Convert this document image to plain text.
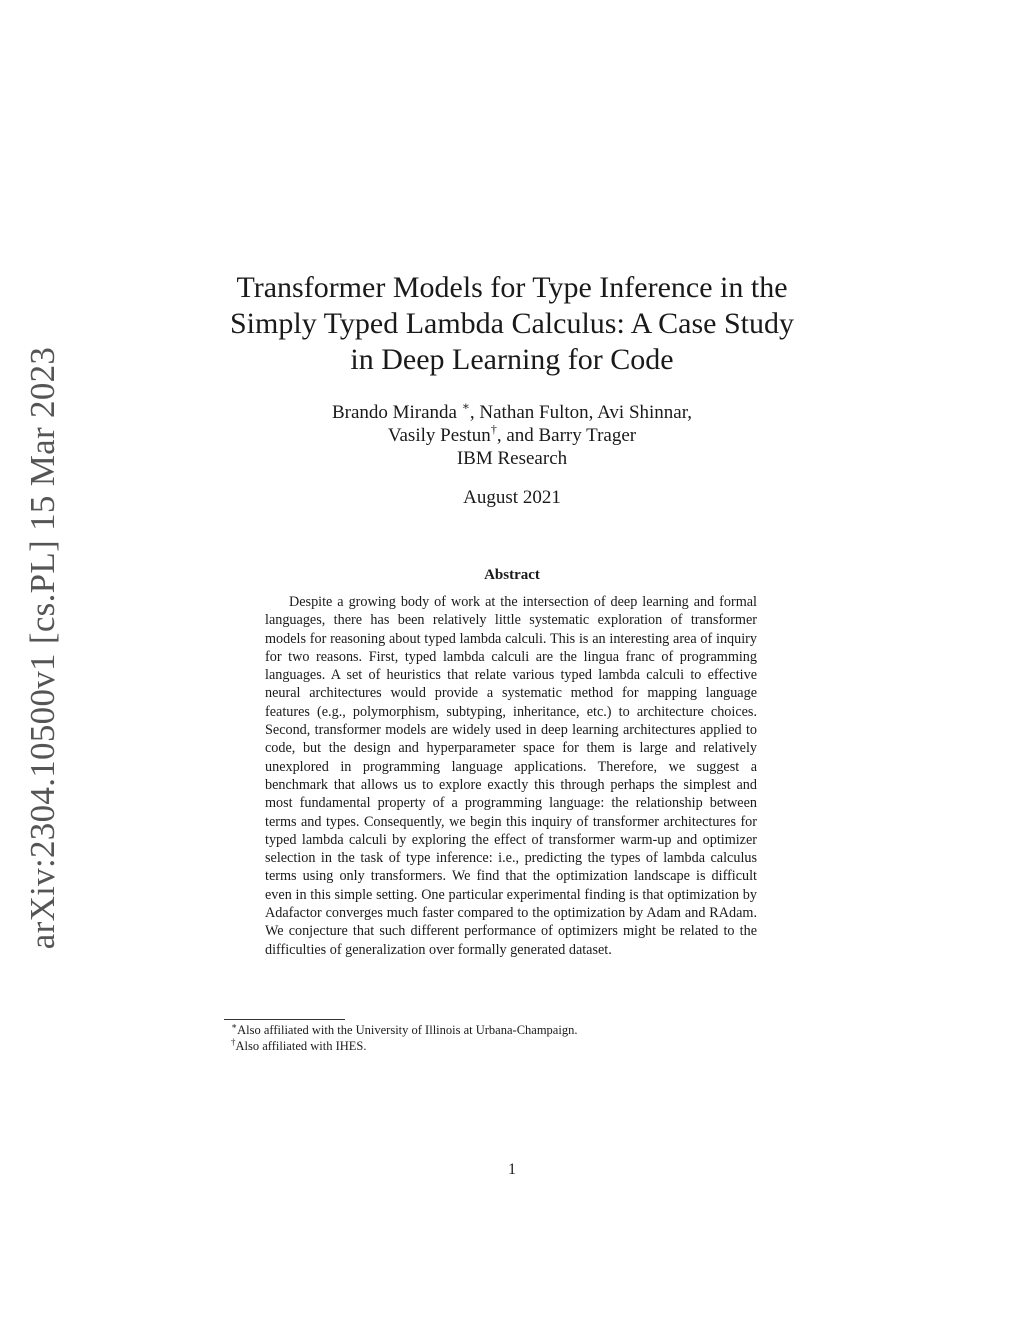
arXiv:2304.10500v1 [cs.PL] 15 Mar 2023
Transformer Models for Type Inference in the
Simply Typed Lambda Calculus: A Case Study
in Deep Learning for Code
Brando Miranda ∗, Nathan Fulton, Avi Shinnar,
Vasily Pestun†, and Barry Trager
IBM Research
August 2021
Abstract

Despite a growing body of work at the intersection of deep learning and formal languages, there has been relatively little systematic exploration of transformer models for reasoning about typed lambda calculi. This is an interesting area of inquiry for two reasons. First, typed lambda calculi are the lingua franc of programming languages. A set of heuristics that relate various typed lambda calculi to effective neural architectures would provide a systematic method for mapping language features (e.g., polymorphism, subtyping, inheritance, etc.) to architecture choices. Second, transformer models are widely used in deep learning architectures applied to code, but the design and hyperparameter space for them is large and relatively unexplored in programming language applications. Therefore, we suggest a benchmark that allows us to explore exactly this through perhaps the simplest and most fundamental property of a programming language: the relationship between terms and types. Consequently, we begin this inquiry of transformer architectures for typed lambda calculi by exploring the effect of transformer warm-up and optimizer selection in the task of type inference: i.e., predicting the types of lambda calculus terms using only transformers. We find that the optimization landscape is difficult even in this simple setting. One particular experimental finding is that optimization by Adafactor converges much faster compared to the optimization by Adam and RAdam. We conjecture that such different performance of optimizers might be related to the difficulties of generalization over formally generated dataset.

∗Also affiliated with the University of Illinois at Urbana-Champaign.
†Also affiliated with IHES.
1
